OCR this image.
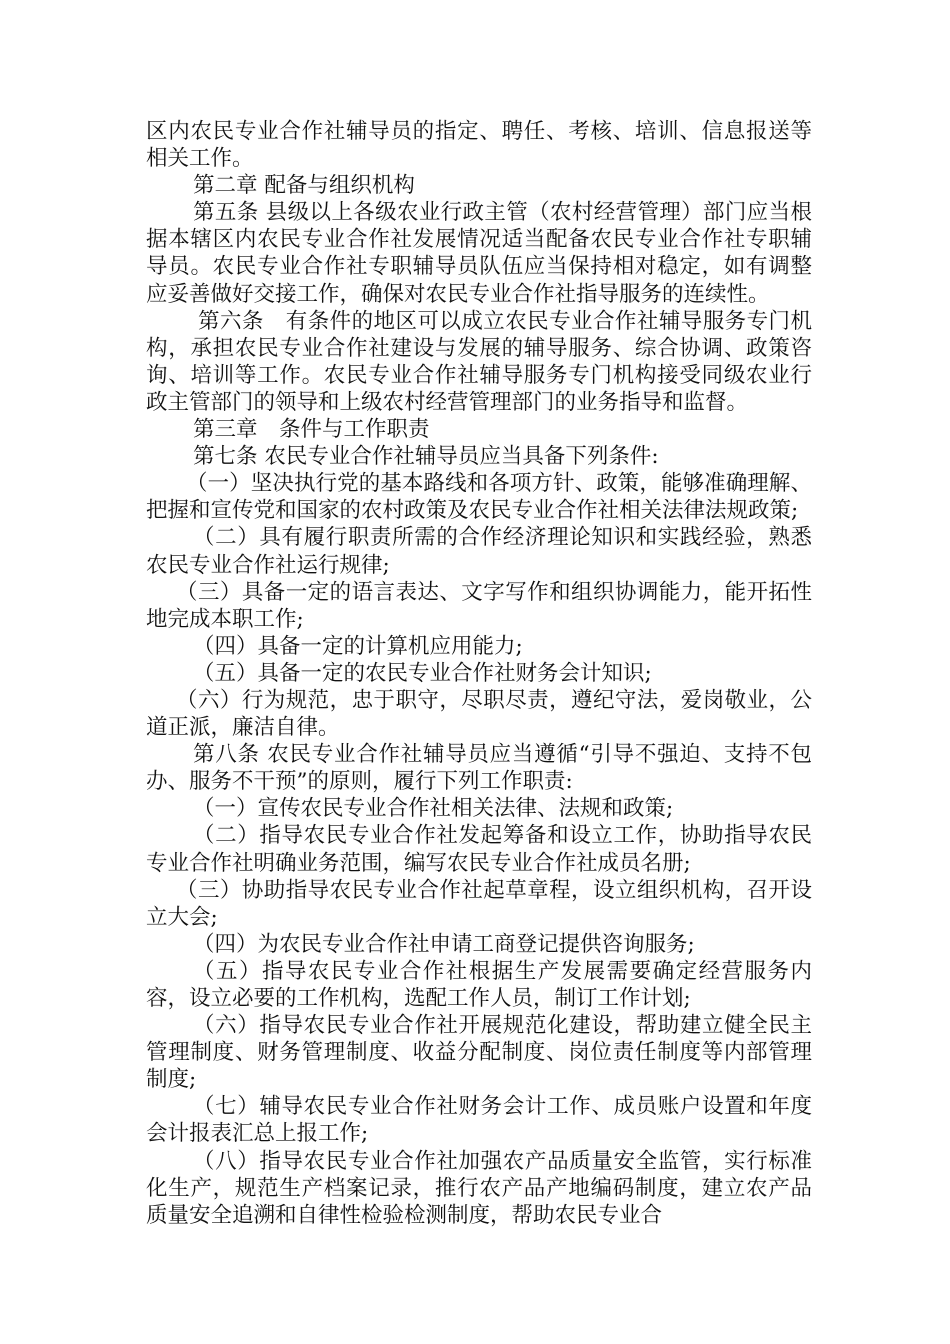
区内农民专业合作社辅导员的指定、聘任、考核、培训、信息报送等相关工作。

第二章 配备与组织机构

第五条 县级以上各级农业行政主管（农村经营管理）部门应当根据本辖区内农民专业合作社发展情况适当配备农民专业合作社专职辅导员。农民专业合作社专职辅导员队伍应当保持相对稳定，如有调整应妥善做好交接工作，确保对农民专业合作社指导服务的连续性。

第六条　有条件的地区可以成立农民专业合作社辅导服务专门机构，承担农民专业合作社建设与发展的辅导服务、综合协调、政策咨询、培训等工作。农民专业合作社辅导服务专门机构接受同级农业行政主管部门的领导和上级农村经营管理部门的业务指导和监督。

第三章　条件与工作职责

第七条 农民专业合作社辅导员应当具备下列条件:

（一）坚决执行党的基本路线和各项方针、政策，能够准确理解、把握和宣传党和国家的农村政策及农民专业合作社相关法律法规政策;

（二）具有履行职责所需的合作经济理论知识和实践经验，熟悉农民专业合作社运行规律;

（三）具备一定的语言表达、文字写作和组织协调能力，能开拓性地完成本职工作;

（四）具备一定的计算机应用能力;

（五）具备一定的农民专业合作社财务会计知识;

（六）行为规范，忠于职守，尽职尽责，遵纪守法，爱岗敬业，公道正派，廉洁自律。

第八条 农民专业合作社辅导员应当遵循“引导不强迫、支持不包办、服务不干预”的原则，履行下列工作职责:

（一）宣传农民专业合作社相关法律、法规和政策;

（二）指导农民专业合作社发起筹备和设立工作，协助指导农民专业合作社明确业务范围，编写农民专业合作社成员名册;

（三）协助指导农民专业合作社起草章程，设立组织机构，召开设立大会;

（四）为农民专业合作社申请工商登记提供咨询服务;

（五）指导农民专业合作社根据生产发展需要确定经营服务内容，设立必要的工作机构，选配工作人员，制订工作计划;

（六）指导农民专业合作社开展规范化建设，帮助建立健全民主管理制度、财务管理制度、收益分配制度、岗位责任制度等内部管理制度;

（七）辅导农民专业合作社财务会计工作、成员账户设置和年度会计报表汇总上报工作;

（八）指导农民专业合作社加强农产品质量安全监管，实行标准化生产，规范生产档案记录，推行农产品产地编码制度，建立农产品质量安全追溯和自律性检验检测制度，帮助农民专业合
